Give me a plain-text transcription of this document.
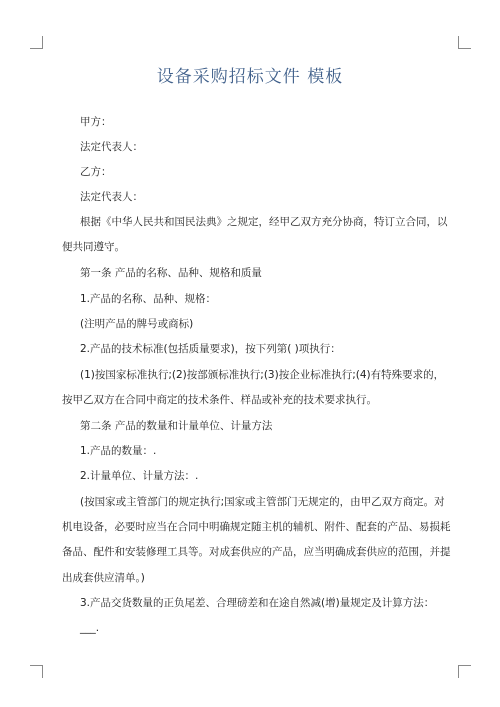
设备采购招标文件 模板

甲方：

法定代表人：

乙方：

法定代表人：

根据《中华人民共和国民法典》之规定，经甲乙双方充分协商，特订立合同，以

便共同遵守。

第一条 产品的名称、品种、规格和质量

1.产品的名称、品种、规格：

(注明产品的牌号或商标)

2.产品的技术标准(包括质量要求)，按下列第( )项执行：

(1)按国家标准执行;(2)按部颁标准执行;(3)按企业标准执行;(4)有特殊要求的，

按甲乙双方在合同中商定的技术条件、样品或补充的技术要求执行。

第二条 产品的数量和计量单位、计量方法

1.产品的数量：.

2.计量单位、计量方法：.

(按国家或主管部门的规定执行;国家或主管部门无规定的，由甲乙双方商定。对

机电设备，必要时应当在合同中明确规定随主机的辅机、附件、配套的产品、易损耗

备品、配件和安装修理工具等。对成套供应的产品，应当明确成套供应的范围，并提

出成套供应清单。)

3.产品交货数量的正负尾差、合理磅差和在途自然减(增)量规定及计算方法：

___.
